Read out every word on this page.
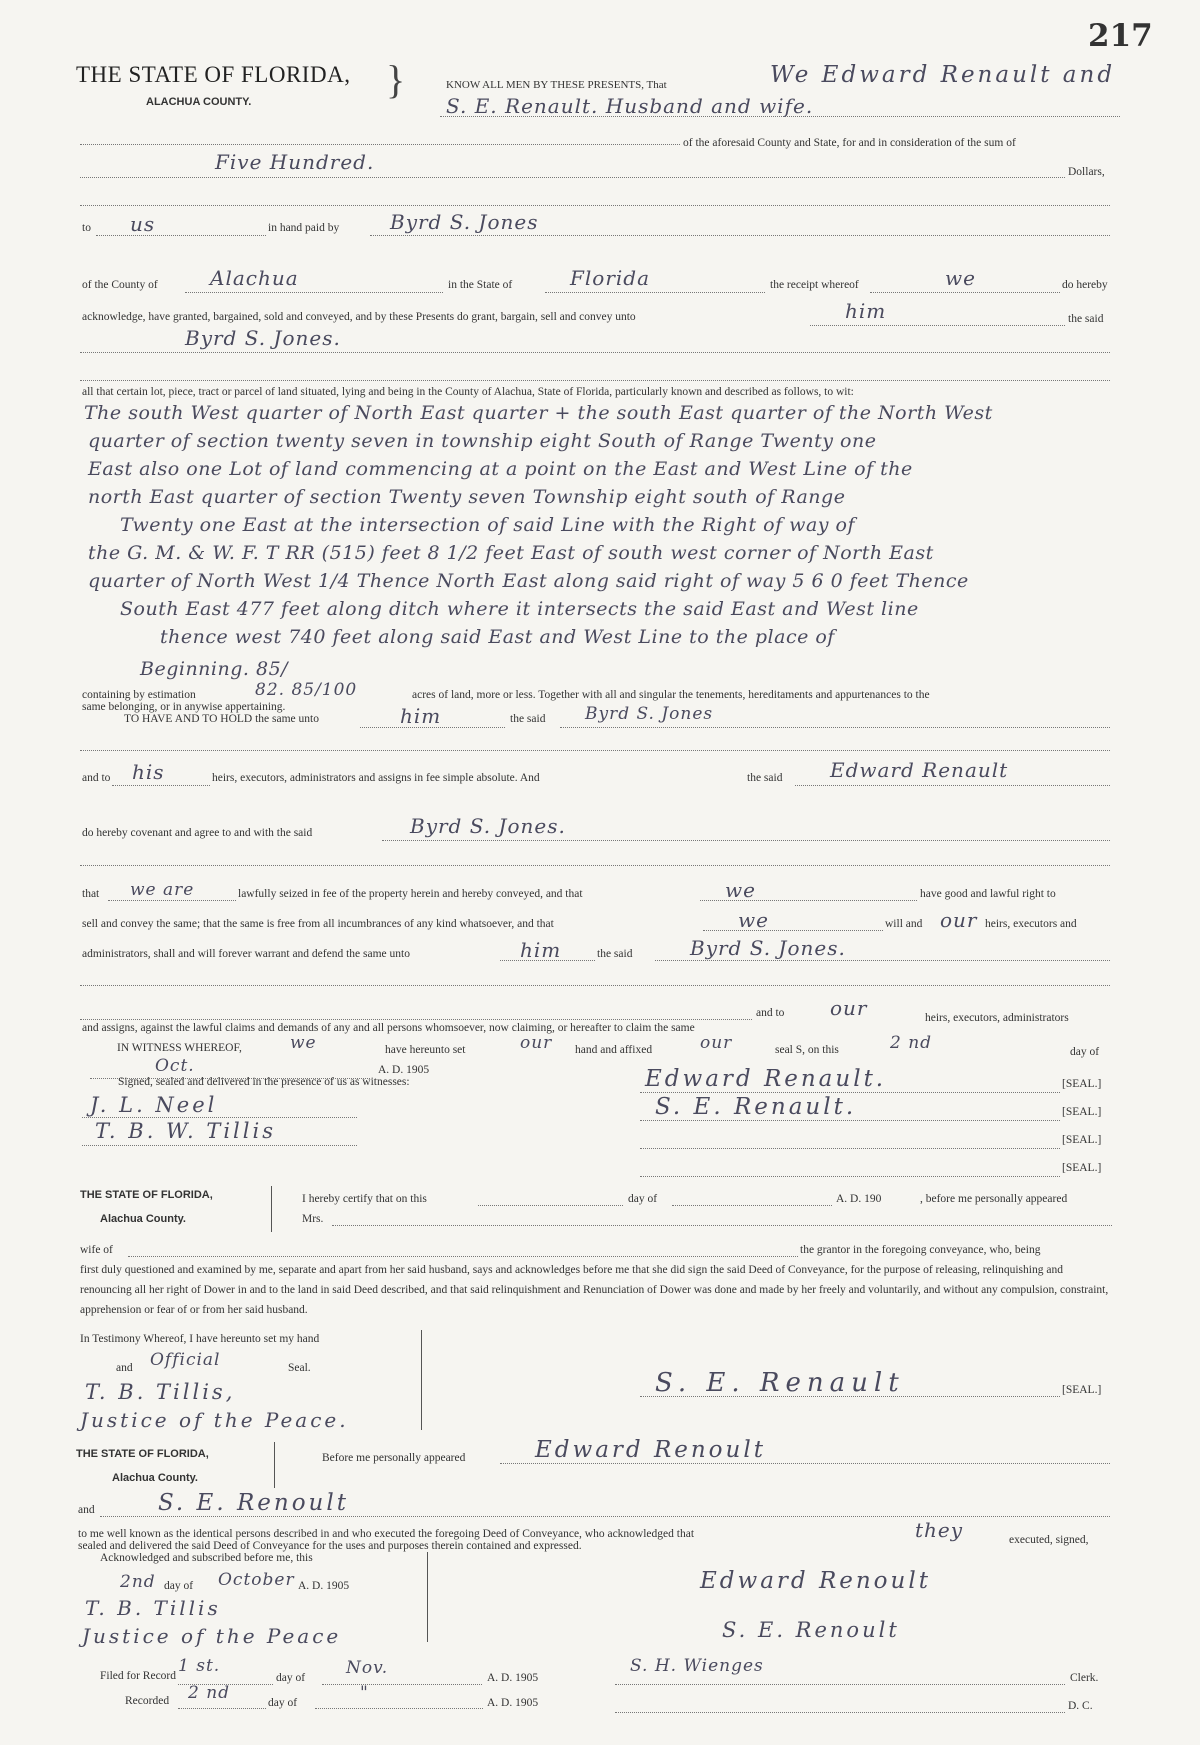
217
THE STATE OF FLORIDA, }
ALACHUA COUNTY.
KNOW ALL MEN BY THESE PRESENTS, That	We Edward Renault and
S. E. Renault. Husband and wife.
of the aforesaid County and State, for and in consideration of the sum of
Five Hundred.	Dollars,
to us	in hand paid by	Byrd S. Jones
of the County of	Alachua	in the State of	Florida	the receipt whereof	we	do hereby
acknowledge, have granted, bargained, sold and conveyed, and by these Presents do grant, bargain, sell and convey unto	him	the said
Byrd S. Jones.
all that certain lot, piece, tract or parcel of land situated, lying and being in the County of Alachua, State of Florida, particularly known and described as follows, to wit:
The south West quarter of North East quarter + the south East quarter of the North West
quarter of section twenty seven in township eight South of Range Twenty one
East also one Lot of land commencing at a point on the East and West Line of the
north East quarter of section Twenty seven Township eight south of Range
Twenty one East at the intersection of said Line with the Right of way of
the G. M. & W. F. T RR (515) feet 8 1/2 feet East of south west corner of North East
quarter of North West 1/4 Thence North East along said right of way 5 6 0 feet Thence
South East 477 feet along ditch where it intersects the said East and West line
thence west 740 feet along said East and West Line to the place of
Beginning. 85/
containing by estimation	82. 85/100	acres of land, more or less. Together with all and singular the tenements, hereditaments and appurtenances to the
same belonging, or in anywise appertaining.
TO HAVE AND TO HOLD the same unto	him	the said Byrd S. Jones
and to his	heirs, executors, administrators and assigns in fee simple absolute. And	the said Edward Renault
do hereby covenant and agree to and with the said	Byrd S. Jones.
that we are	lawfully seized in fee of the property herein and hereby conveyed, and that	we	have good and lawful right to
sell and convey the same; that the same is free from all incumbrances of any kind whatsoever, and that	we	will and our heirs, executors and
administrators, shall and will forever warrant and defend the same unto	him	the said	Byrd S. Jones.
and to our	heirs, executors, administrators
and assigns, against the lawful claims and demands of any and all persons whomsoever, now claiming, or hereafter to claim the same
IN WITNESS WHEREOF,	we	have hereunto set	our hand and affixed	our	seal S, on this	2 nd	day of
Oct.	A. D. 1905
Signed, sealed and delivered in the presence of us as witnesses:
J. L. Neel
T. B. W. Tillis
Edward Renault.
S. E. Renault.
[SEAL.]
[SEAL.]
[SEAL.]
[SEAL.]
THE STATE OF FLORIDA,
Alachua County.
I hereby certify that on this	day of	A. D. 190	, before me personally appeared
Mrs.
wife of	the grantor in the foregoing conveyance, who, being
first duly questioned and examined by me, separate and apart from her said husband, says and acknowledges before me that she did sign the said Deed of Conveyance, for the purpose of releasing, relinquishing and renouncing all her right of Dower in and to the land in said Deed described, and that said relinquishment and Renunciation of Dower was done and made by her freely and voluntarily, and without any compulsion, constraint, apprehension or fear of or from her said husband.
In Testimony Whereof, I have hereunto set my hand
and Official	Seal.
T. B. Tillis,
Justice of the Peace.
S. E. Renault	[SEAL.]
THE STATE OF FLORIDA,
Alachua County.
Before me personally appeared	Edward Renoult
and	S. E. Renoult
to me well known as the identical persons described in and who executed the foregoing Deed of Conveyance, who acknowledged that	they	executed, signed,
sealed and delivered the said Deed of Conveyance for the uses and purposes therein contained and expressed.
Acknowledged and subscribed before me, this
2nd day of October A. D. 1905
T. B. Tillis
Justice of the Peace
Edward Renoult
S. E. Renoult
Filed for Record 1 st.
day of Nov.	A. D. 1905
S. H. Wienges
Clerk.
Recorded 2 nd	day of	"	A. D. 1905	D. C.
